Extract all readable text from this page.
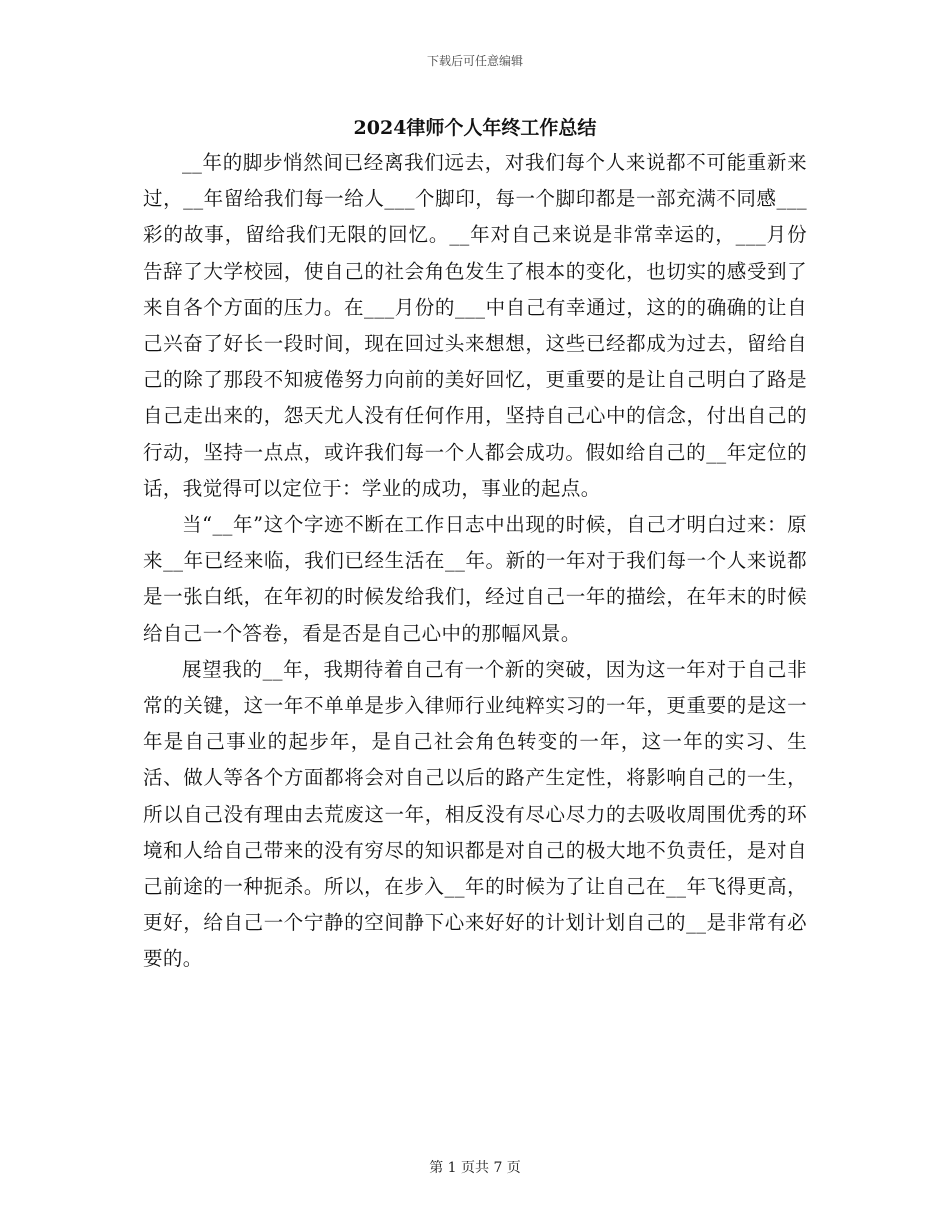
下载后可任意编辑
2024律师个人年终工作总结

__年的脚步悄然间已经离我们远去，对我们每个人来说都不可能重新来过，__年留给我们每一给人___个脚印，每一个脚印都是一部充满不同感___彩的故事，留给我们无限的回忆。__年对自己来说是非常幸运的，___月份告辞了大学校园，使自己的社会角色发生了根本的变化，也切实的感受到了来自各个方面的压力。在___月份的___中自己有幸通过，这的的确确的让自己兴奋了好长一段时间，现在回过头来想想，这些已经都成为过去，留给自己的除了那段不知疲倦努力向前的美好回忆，更重要的是让自己明白了路是自己走出来的，怨天尤人没有任何作用，坚持自己心中的信念，付出自己的行动，坚持一点点，或许我们每一个人都会成功。假如给自己的__年定位的话，我觉得可以定位于：学业的成功，事业的起点。

当“__年”这个字迹不断在工作日志中出现的时候，自己才明白过来：原来__年已经来临，我们已经生活在__年。新的一年对于我们每一个人来说都是一张白纸，在年初的时候发给我们，经过自己一年的描绘，在年末的时候给自己一个答卷，看是否是自己心中的那幅风景。

展望我的__年，我期待着自己有一个新的突破，因为这一年对于自己非常的关键，这一年不单单是步入律师行业纯粹实习的一年，更重要的是这一年是自己事业的起步年，是自己社会角色转变的一年，这一年的实习、生活、做人等各个方面都将会对自己以后的路产生定性，将影响自己的一生，所以自己没有理由去荒废这一年，相反没有尽心尽力的去吸收周围优秀的环境和人给自己带来的没有穷尽的知识都是对自己的极大地不负责任，是对自己前途的一种扼杀。所以，在步入__年的时候为了让自己在__年飞得更高，更好，给自己一个宁静的空间静下心来好好的计划计划自己的__是非常有必要的。

第 1 页共 7 页
